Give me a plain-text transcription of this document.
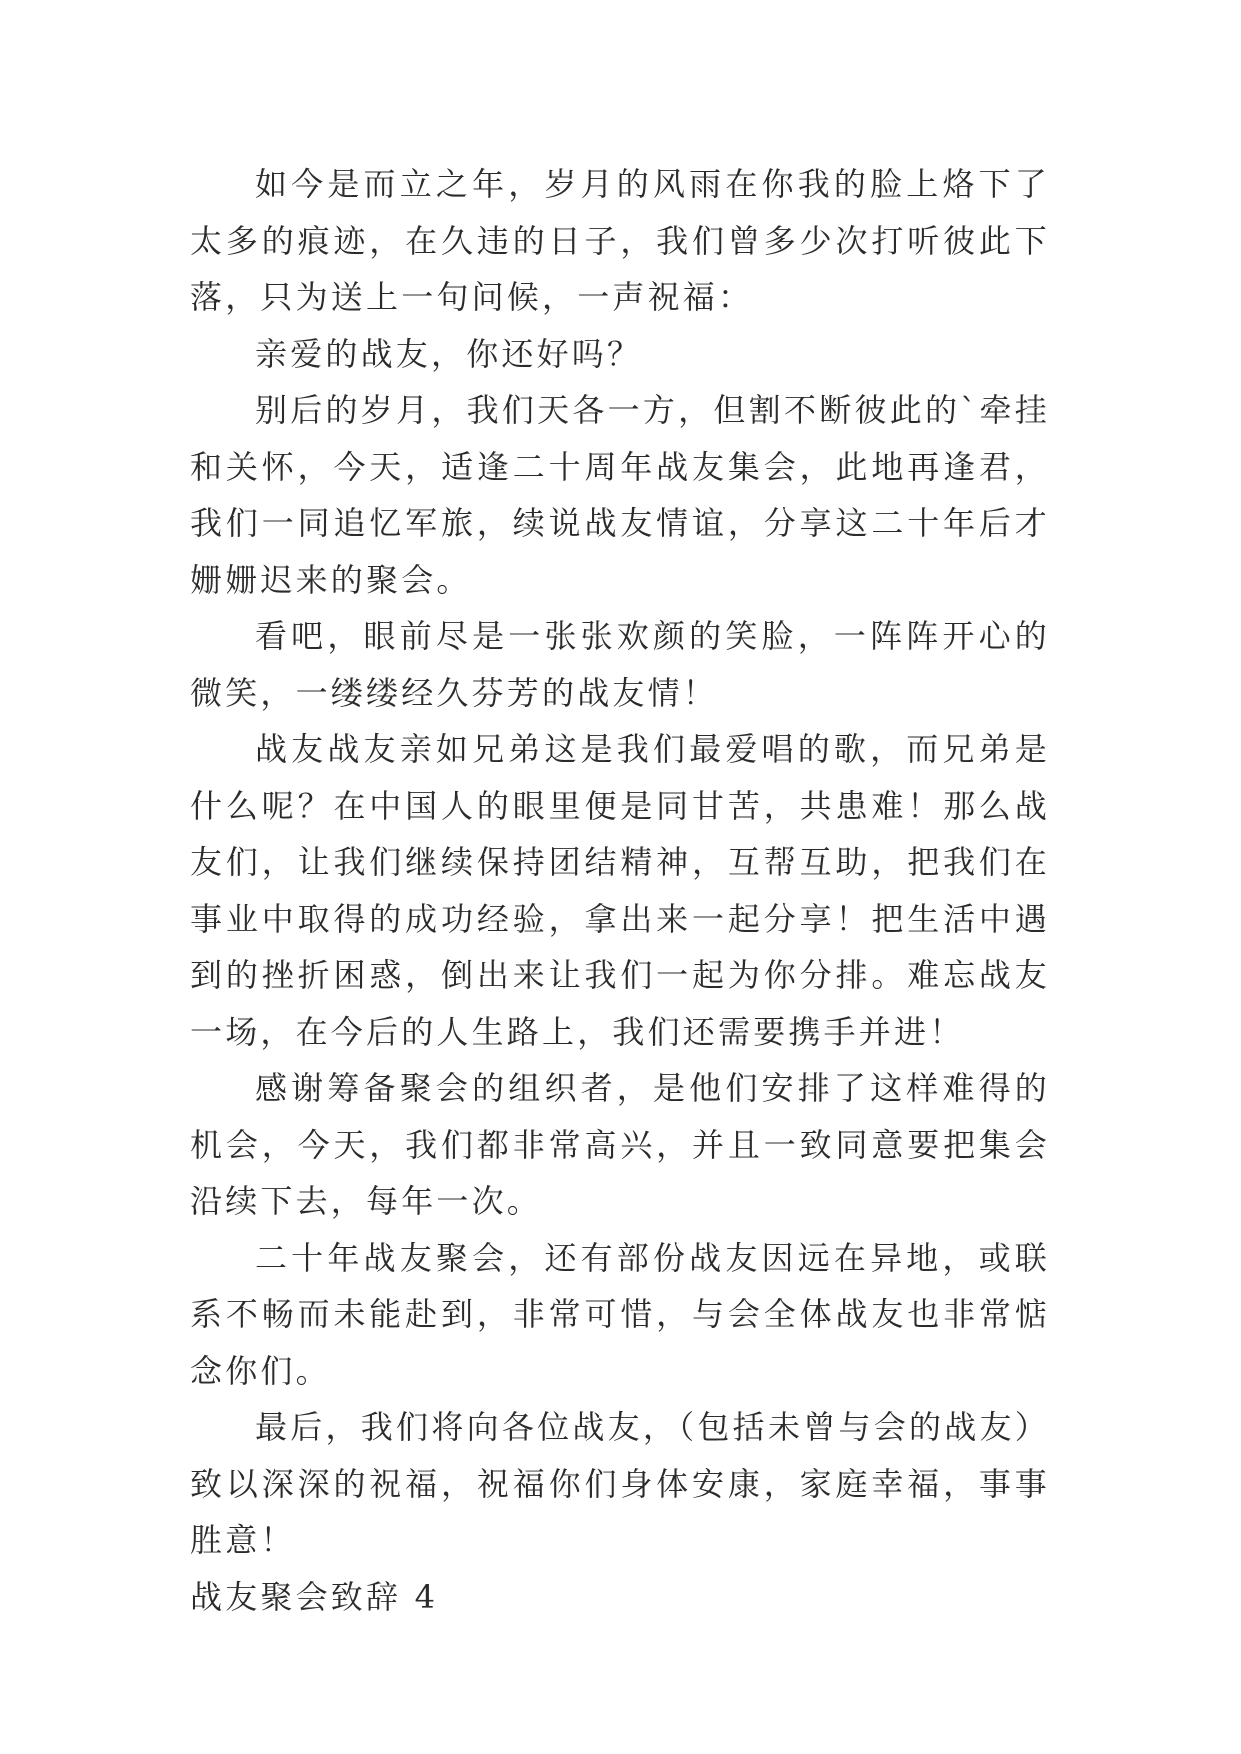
如今是而立之年，岁月的风雨在你我的脸上烙下了太多的痕迹，在久违的日子，我们曾多少次打听彼此下落，只为送上一句问候，一声祝福：

亲爱的战友，你还好吗？

别后的岁月，我们天各一方，但割不断彼此的`牵挂和关怀，今天，适逢二十周年战友集会，此地再逢君，我们一同追忆军旅，续说战友情谊，分享这二十年后才姗姗迟来的聚会。

看吧，眼前尽是一张张欢颜的笑脸，一阵阵开心的微笑，一缕缕经久芬芳的战友情！

战友战友亲如兄弟这是我们最爱唱的歌，而兄弟是什么呢？在中国人的眼里便是同甘苦，共患难！那么战友们，让我们继续保持团结精神，互帮互助，把我们在事业中取得的成功经验，拿出来一起分享！把生活中遇到的挫折困惑，倒出来让我们一起为你分排。难忘战友一场，在今后的人生路上，我们还需要携手并进！

感谢筹备聚会的组织者，是他们安排了这样难得的机会，今天，我们都非常高兴，并且一致同意要把集会沿续下去，每年一次。

二十年战友聚会，还有部份战友因远在异地，或联系不畅而未能赴到，非常可惜，与会全体战友也非常惦念你们。

最后，我们将向各位战友，（包括未曾与会的战友）致以深深的祝福，祝福你们身体安康，家庭幸福，事事胜意！

战友聚会致辞 4
